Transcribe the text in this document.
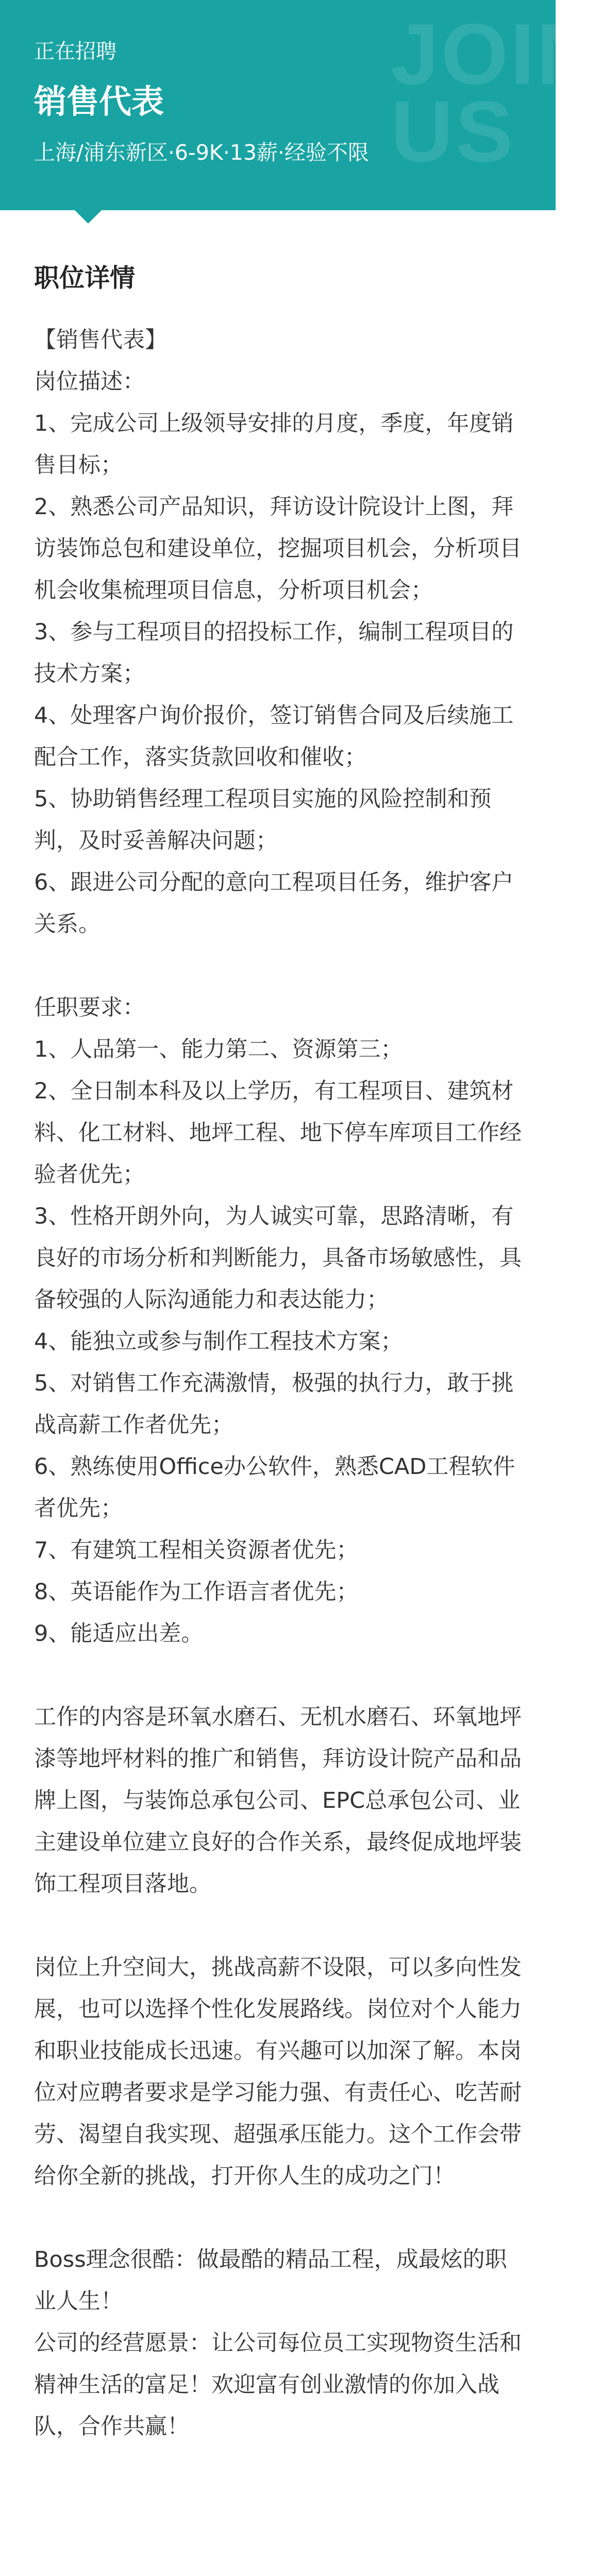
JOIN
US
正在招聘
销售代表
上海/浦东新区·6-9K·13薪·经验不限
职位详情

【销售代表】

岗位描述：

1、完成公司上级领导安排的月度，季度，年度销售目标；

2、熟悉公司产品知识，拜访设计院设计上图，拜访装饰总包和建设单位，挖掘项目机会，分析项目机会收集梳理项目信息，分析项目机会；

3、参与工程项目的招投标工作，编制工程项目的技术方案；

4、处理客户询价报价，签订销售合同及后续施工配合工作，落实货款回收和催收；

5、协助销售经理工程项目实施的风险控制和预判，及时妥善解决问题；

6、跟进公司分配的意向工程项目任务，维护客户关系。

任职要求：

1、人品第一、能力第二、资源第三；

2、全日制本科及以上学历，有工程项目、建筑材料、化工材料、地坪工程、地下停车库项目工作经验者优先；

3、性格开朗外向，为人诚实可靠，思路清晰，有良好的市场分析和判断能力，具备市场敏感性，具备较强的人际沟通能力和表达能力；

4、能独立或参与制作工程技术方案；

5、对销售工作充满激情，极强的执行力，敢于挑战高薪工作者优先；

6、熟练使用Office办公软件，熟悉CAD工程软件者优先；

7、有建筑工程相关资源者优先；

8、英语能作为工作语言者优先；

9、能适应出差。

工作的内容是环氧水磨石、无机水磨石、环氧地坪漆等地坪材料的推广和销售，拜访设计院产品和品牌上图，与装饰总承包公司、EPC总承包公司、业主建设单位建立良好的合作关系，最终促成地坪装饰工程项目落地。

岗位上升空间大，挑战高薪不设限，可以多向性发展，也可以选择个性化发展路线。岗位对个人能力和职业技能成长迅速。有兴趣可以加深了解。本岗位对应聘者要求是学习能力强、有责任心、吃苦耐劳、渴望自我实现、超强承压能力。这个工作会带给你全新的挑战，打开你人生的成功之门！

Boss理念很酷：做最酷的精品工程，成最炫的职业人生！

公司的经营愿景：让公司每位员工实现物资生活和精神生活的富足！欢迎富有创业激情的你加入战队，合作共赢！
